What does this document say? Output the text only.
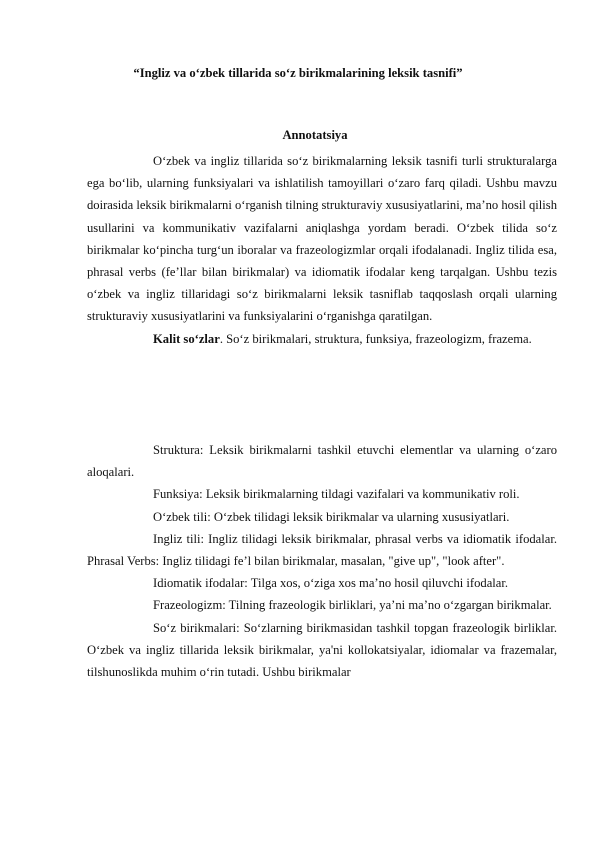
“Ingliz va o‘zbek tillarida so‘z birikmalarining leksik tasnifi”
Annotatsiya

O‘zbek va ingliz tillarida so‘z birikmalarning leksik tasnifi turli strukturalarga ega bo‘lib, ularning funksiyalari va ishlatilish tamoyillari o‘zaro farq qiladi. Ushbu mavzu doirasida leksik birikmalarni o‘rganish tilning strukturaviy xususiyatlarini, ma’no hosil qilish usullarini va kommunikativ vazifalarni aniqlashga yordam beradi. O‘zbek tilida so‘z birikmalar ko‘pincha turg‘un iboralar va frazeologizmlar orqali ifodalanadi. Ingliz tilida esa, phrasal verbs (fe’llar bilan birikmalar) va idiomatik ifodalar keng tarqalgan. Ushbu tezis o‘zbek va ingliz tillaridagi so‘z birikmalarni leksik tasniflab taqqoslash orqali ularning strukturaviy xususiyatlarini va funksiyalarini o‘rganishga qaratilgan.

Kalit so‘zlar. So‘z birikmalari, struktura, funksiya, frazeologizm, frazema.

Struktura: Leksik birikmalarni tashkil etuvchi elementlar va ularning o‘zaro aloqalari.

Funksiya: Leksik birikmalarning tildagi vazifalari va kommunikativ roli.

O‘zbek tili: O‘zbek tilidagi leksik birikmalar va ularning xususiyatlari.

Ingliz tili: Ingliz tilidagi leksik birikmalar, phrasal verbs va idiomatik ifodalar. Phrasal Verbs: Ingliz tilidagi fe’l bilan birikmalar, masalan, "give up", "look after".

Idiomatik ifodalar: Tilga xos, o‘ziga xos ma’no hosil qiluvchi ifodalar.

Frazeologizm: Tilning frazeologik birliklari, ya’ni ma’no o‘zgargan birikmalar.

So‘z birikmalari: So‘zlarning birikmasidan tashkil topgan frazeologik birliklar. O‘zbek va ingliz tillarida leksik birikmalar, ya'ni kollokatsiyalar, idiomalar va frazemalar, tilshunoslikda muhim o‘rin tutadi. Ushbu birikmalar
